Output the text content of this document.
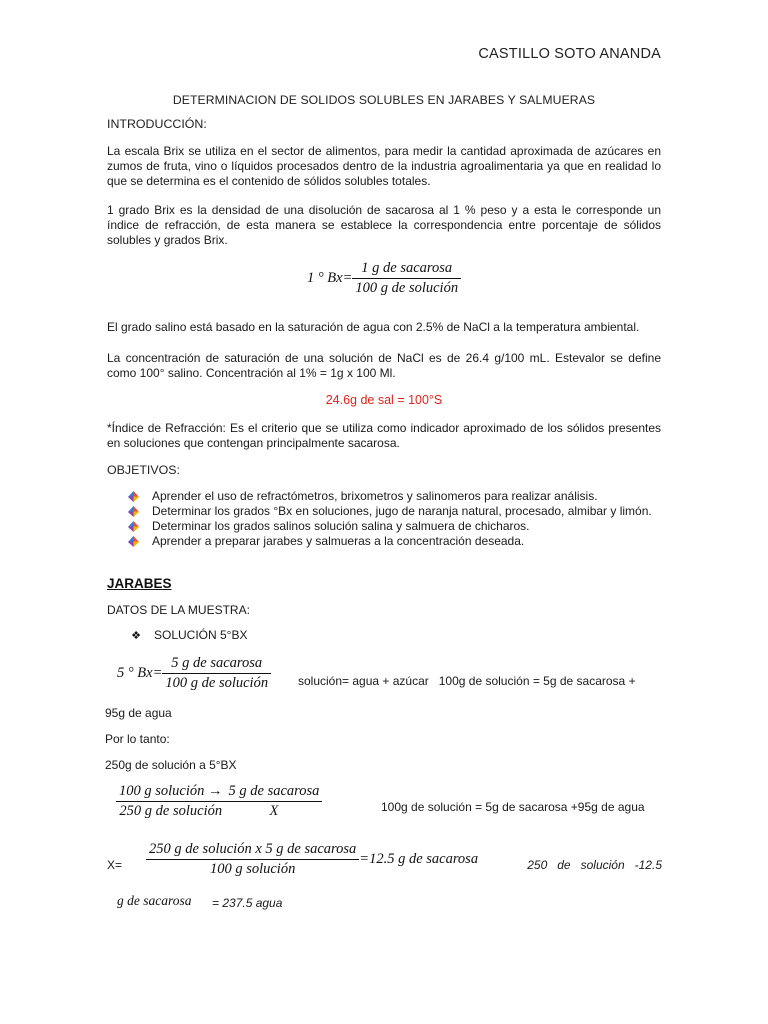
CASTILLO SOTO ANANDA
DETERMINACION DE SOLIDOS SOLUBLES EN JARABES Y SALMUERAS
INTRODUCCIÓN:
La escala Brix se utiliza en el sector de alimentos, para medir la cantidad aproximada de azúcares en zumos de fruta, vino o líquidos procesados dentro de la industria agroalimentaria ya que en realidad lo que se determina es el contenido de sólidos solubles totales.
1 grado Brix es la densidad de una disolución de sacarosa al 1 % peso y a esta le corresponde un índice de refracción, de esta manera se establece la correspondencia entre porcentaje de sólidos solubles y grados Brix.
1 ° $Bx= \frac{\text{1 g de sacarosa}}{\text{100 g de solución}}$
El grado salino está basado en la saturación de agua con 2.5% de NaCl a la temperatura ambiental.
La concentración de saturación de una solución de NaCl es de 26.4 g/100 mL. Estevalor se define como 100° salino. Concentración al 1% = 1g x 100 Ml.
24.6g de sal = 100°S
*Índice de Refracción: Es el criterio que se utiliza como indicador aproximado de los sólidos presentes en soluciones que contengan principalmente sacarosa.
OBJETIVOS:
Aprender el uso de refractómetros, brixometros y salinomeros para realizar análisis.
Determinar los grados °Bx en soluciones, jugo de naranja natural, procesado, almibar y limón.
Determinar los grados salinos solución salina y salmuera de chicharos.
Aprender a preparar jarabes y salmueras a la concentración deseada.
JARABES
DATOS DE LA MUESTRA:
❖ SOLUCIÓN 5°BX
5 ° $Bx= \frac{\text{5 g de sacarosa}}{\text{100 g de solución}}$ solución= agua + azúcar   100g de solución = 5g de sacarosa +
95g de agua
Por lo tanto:
250g de solución a 5°BX
$\frac{\text{100 g solución →}}{\text{250 g de solución}} \frac{\text{5 g de sacarosa}}{X}$	100g de solución = 5g de sacarosa +95g de agua
$X= \frac{\text{250 g de solución x 5 g de sacarosa}}{\text{100 g solución}} =12.5$ g de sacarosa	250   de   solución   -12.5
g de sacarosa = 237.5 agua
